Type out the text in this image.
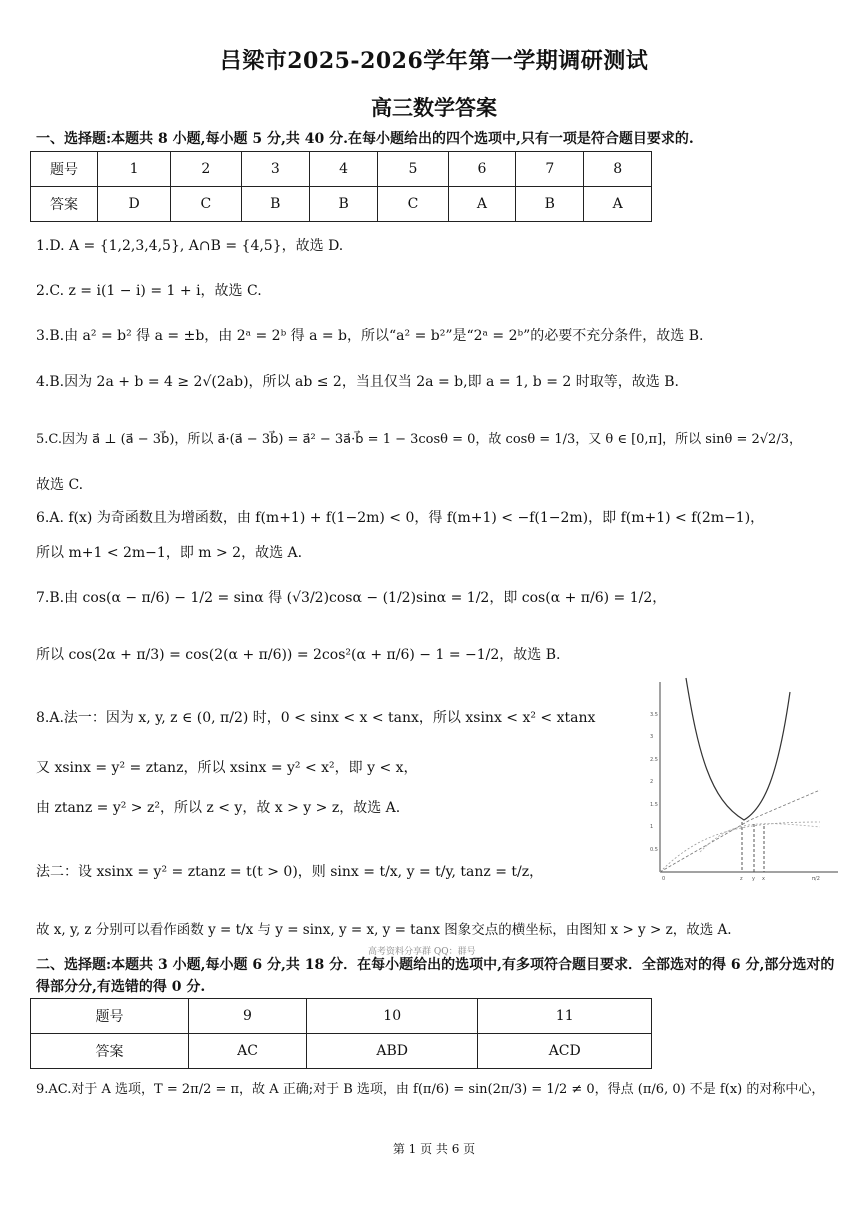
吕梁市2025-2026学年第一学期调研测试
高三数学答案
一、选择题:本题共 8 小题,每小题 5 分,共 40 分.在每小题给出的四个选项中,只有一项是符合题目要求的.
题号	1	2	3	4	5	6	7	8
答案	D	C	B	B	C	A	B	A
1.D. A = {1,2,3,4,5}, A∩B = {4,5}，故选 D.
2.C. z = i(1 − i) = 1 + i，故选 C.
3.B.由 a² = b² 得 a = ±b，由 2ᵃ = 2ᵇ 得 a = b，所以“a² = b²”是“2ᵃ = 2ᵇ”的必要不充分条件，故选 B.
4.B.因为 2a + b = 4 ≥ 2√(2ab)，所以 ab ≤ 2，当且仅当 2a = b,即 a = 1, b = 2 时取等，故选 B.
5.C.因为 a⃗ ⊥ (a⃗ − 3b⃗)，所以 a⃗·(a⃗ − 3b⃗) = a⃗² − 3a⃗·b⃗ = 1 − 3cosθ = 0，故 cosθ = 1/3，又 θ ∈ [0,π]，所以 sinθ = 2√2/3，
故选 C.
6.A. f(x) 为奇函数且为增函数，由 f(m+1) + f(1−2m) < 0，得 f(m+1) < −f(1−2m)，即 f(m+1) < f(2m−1)，
所以 m+1 < 2m−1，即 m > 2，故选 A.
7.B.由 cos(α − π/6) − 1/2 = sinα 得 (√3/2)cosα − (1/2)sinα = 1/2，即 cos(α + π/6) = 1/2，
所以 cos(2α + π/3) = cos(2(α + π/6)) = 2cos²(α + π/6) − 1 = −1/2，故选 B.
8.A.法一：因为 x, y, z ∈ (0, π/2) 时，0 < sinx < x < tanx，所以 xsinx < x² < xtanx
又 xsinx = y² = ztanz，所以 xsinx = y² < x²，即 y < x，
由 ztanz = y² > z²，所以 z < y，故 x > y > z，故选 A.
法二：设 xsinx = y² = ztanz = t(t > 0)，则 sinx = t/x, y = t/y, tanz = t/z，
故 x, y, z 分别可以看作函数 y = t/x 与 y = sinx, y = x, y = tanx 图象交点的横坐标，由图知 x > y > z，故选 A.
3.5
3
2.5
2
1.5
1
0.5
0	z y x	π/2
高考资料分享群 QQ：群号
二、选择题:本题共 3 小题,每小题 6 分,共 18 分．在每小题给出的选项中,有多项符合题目要求．全部选对的得 6 分,部分选对的得部分分,有选错的得 0 分.
题号	9	10	11
答案	AC	ABD	ACD
9.AC.对于 A 选项，T = 2π/2 = π，故 A 正确;对于 B 选项，由 f(π/6) = sin(2π/3) = 1/2 ≠ 0，得点 (π/6, 0) 不是 f(x) 的对称中心，
第 1 页 共 6 页
